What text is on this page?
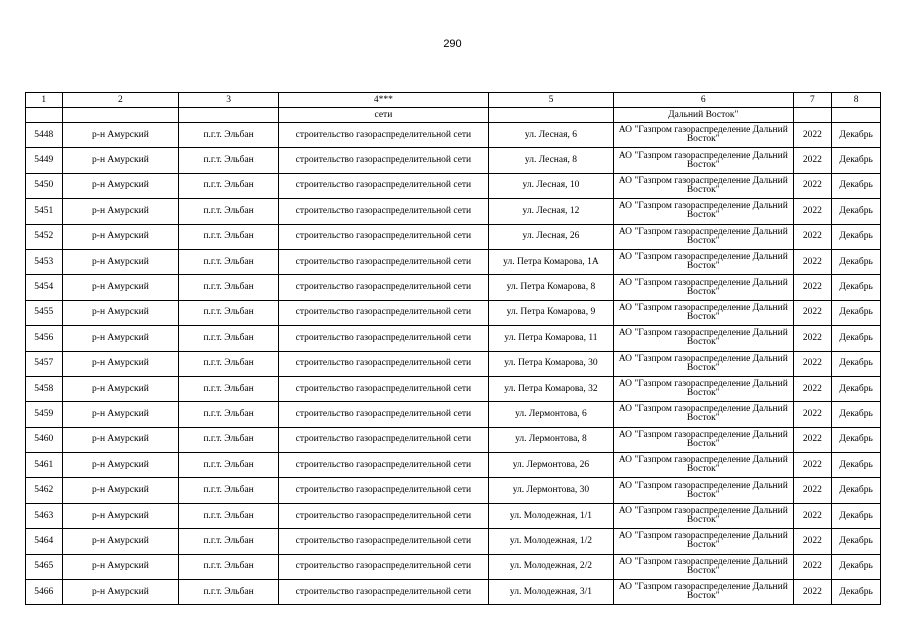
290
1	2	3	4***	5	6	7	8
			сети		Дальний Восток"		
5448	р-н Амурский	п.г.т. Эльбан	строительство газораспределительной сети	ул. Лесная, 6	АО "Газпром газораспределение Дальний Восток"	2022	Декабрь
5449	р-н Амурский	п.г.т. Эльбан	строительство газораспределительной сети	ул. Лесная, 8	АО "Газпром газораспределение Дальний Восток"	2022	Декабрь
5450	р-н Амурский	п.г.т. Эльбан	строительство газораспределительной сети	ул. Лесная, 10	АО "Газпром газораспределение Дальний Восток"	2022	Декабрь
5451	р-н Амурский	п.г.т. Эльбан	строительство газораспределительной сети	ул. Лесная, 12	АО "Газпром газораспределение Дальний Восток"	2022	Декабрь
5452	р-н Амурский	п.г.т. Эльбан	строительство газораспределительной сети	ул. Лесная, 26	АО "Газпром газораспределение Дальний Восток"	2022	Декабрь
5453	р-н Амурский	п.г.т. Эльбан	строительство газораспределительной сети	ул. Петра Комарова, 1А	АО "Газпром газораспределение Дальний Восток"	2022	Декабрь
5454	р-н Амурский	п.г.т. Эльбан	строительство газораспределительной сети	ул. Петра Комарова, 8	АО "Газпром газораспределение Дальний Восток"	2022	Декабрь
5455	р-н Амурский	п.г.т. Эльбан	строительство газораспределительной сети	ул. Петра Комарова, 9	АО "Газпром газораспределение Дальний Восток"	2022	Декабрь
5456	р-н Амурский	п.г.т. Эльбан	строительство газораспределительной сети	ул. Петра Комарова, 11	АО "Газпром газораспределение Дальний Восток"	2022	Декабрь
5457	р-н Амурский	п.г.т. Эльбан	строительство газораспределительной сети	ул. Петра Комарова, 30	АО "Газпром газораспределение Дальний Восток"	2022	Декабрь
5458	р-н Амурский	п.г.т. Эльбан	строительство газораспределительной сети	ул. Петра Комарова, 32	АО "Газпром газораспределение Дальний Восток"	2022	Декабрь
5459	р-н Амурский	п.г.т. Эльбан	строительство газораспределительной сети	ул. Лермонтова, 6	АО "Газпром газораспределение Дальний Восток"	2022	Декабрь
5460	р-н Амурский	п.г.т. Эльбан	строительство газораспределительной сети	ул. Лермонтова, 8	АО "Газпром газораспределение Дальний Восток"	2022	Декабрь
5461	р-н Амурский	п.г.т. Эльбан	строительство газораспределительной сети	ул. Лермонтова, 26	АО "Газпром газораспределение Дальний Восток"	2022	Декабрь
5462	р-н Амурский	п.г.т. Эльбан	строительство газораспределительной сети	ул. Лермонтова, 30	АО "Газпром газораспределение Дальний Восток"	2022	Декабрь
5463	р-н Амурский	п.г.т. Эльбан	строительство газораспределительной сети	ул. Молодежная, 1/1	АО "Газпром газораспределение Дальний Восток"	2022	Декабрь
5464	р-н Амурский	п.г.т. Эльбан	строительство газораспределительной сети	ул. Молодежная, 1/2	АО "Газпром газораспределение Дальний Восток"	2022	Декабрь
5465	р-н Амурский	п.г.т. Эльбан	строительство газораспределительной сети	ул. Молодежная, 2/2	АО "Газпром газораспределение Дальний Восток"	2022	Декабрь
5466	р-н Амурский	п.г.т. Эльбан	строительство газораспределительной сети	ул. Молодежная, 3/1	АО "Газпром газораспределение Дальний Восток"	2022	Декабрь
